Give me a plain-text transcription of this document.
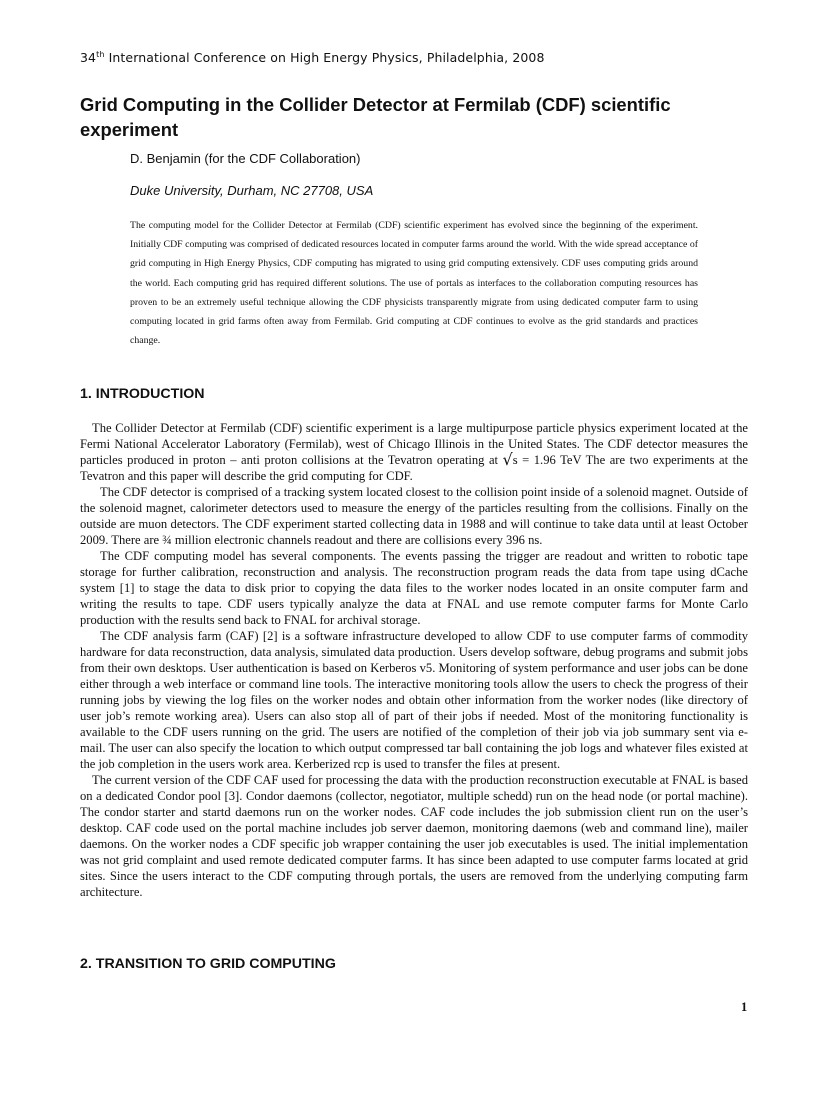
34th International Conference on High Energy Physics, Philadelphia, 2008
Grid Computing in the Collider Detector at Fermilab (CDF) scientific experiment
D. Benjamin (for the CDF Collaboration)
Duke University, Durham, NC 27708, USA

The computing model for the Collider Detector at Fermilab (CDF) scientific experiment has evolved since the beginning of the experiment. Initially CDF computing was comprised of dedicated resources located in computer farms around the world. With the wide spread acceptance of grid computing in High Energy Physics, CDF computing has migrated to using grid computing extensively. CDF uses computing grids around the world. Each computing grid has required different solutions. The use of portals as interfaces to the collaboration computing resources has proven to be an extremely useful technique allowing the CDF physicists transparently migrate from using dedicated computer farm to using computing located in grid farms often away from Fermilab. Grid computing at CDF continues to evolve as the grid standards and practices change.

1. INTRODUCTION

The Collider Detector at Fermilab (CDF) scientific experiment is a large multipurpose particle physics experiment located at the Fermi National Accelerator Laboratory (Fermilab), west of Chicago Illinois in the United States. The CDF detector measures the particles produced in proton – anti proton collisions at the Tevatron operating at √s = 1.96 TeV The are two experiments at the Tevatron and this paper will describe the grid computing for CDF.

The CDF detector is comprised of a tracking system located closest to the collision point inside of a solenoid magnet. Outside of the solenoid magnet, calorimeter detectors used to measure the energy of the particles resulting from the collisions. Finally on the outside are muon detectors. The CDF experiment started collecting data in 1988 and will continue to take data until at least October 2009. There are ¾ million electronic channels readout and there are collisions every 396 ns.

The CDF computing model has several components. The events passing the trigger are readout and written to robotic tape storage for further calibration, reconstruction and analysis. The reconstruction program reads the data from tape using dCache system [1] to stage the data to disk prior to copying the data files to the worker nodes located in an onsite computer farm and writing the results to tape. CDF users typically analyze the data at FNAL and use remote computer farms for Monte Carlo production with the results send back to FNAL for archival storage.

The CDF analysis farm (CAF) [2] is a software infrastructure developed to allow CDF to use computer farms of commodity hardware for data reconstruction, data analysis, simulated data production. Users develop software, debug programs and submit jobs from their own desktops. User authentication is based on Kerberos v5. Monitoring of system performance and user jobs can be done either through a web interface or command line tools. The interactive monitoring tools allow the users to check the progress of their running jobs by viewing the log files on the worker nodes and obtain other information from the worker nodes (like directory of user job’s remote working area). Users can also stop all of part of their jobs if needed. Most of the monitoring functionality is available to the CDF users running on the grid. The users are notified of the completion of their job via job summary sent via e-mail. The user can also specify the location to which output compressed tar ball containing the job logs and whatever files existed at the job completion in the users work area. Kerberized rcp is used to transfer the files at present.

The current version of the CDF CAF used for processing the data with the production reconstruction executable at FNAL is based on a dedicated Condor pool [3]. Condor daemons (collector, negotiator, multiple schedd) run on the head node (or portal machine). The condor starter and startd daemons run on the worker nodes. CAF code includes the job submission client run on the user’s desktop. CAF code used on the portal machine includes job server daemon, monitoring daemons (web and command line), mailer daemons. On the worker nodes a CDF specific job wrapper containing the user job executables is used. The initial implementation was not grid complaint and used remote dedicated computer farms. It has since been adapted to use computer farms located at grid sites. Since the users interact to the CDF computing through portals, the users are removed from the underlying computing farm architecture.

2. TRANSITION TO GRID COMPUTING
1
